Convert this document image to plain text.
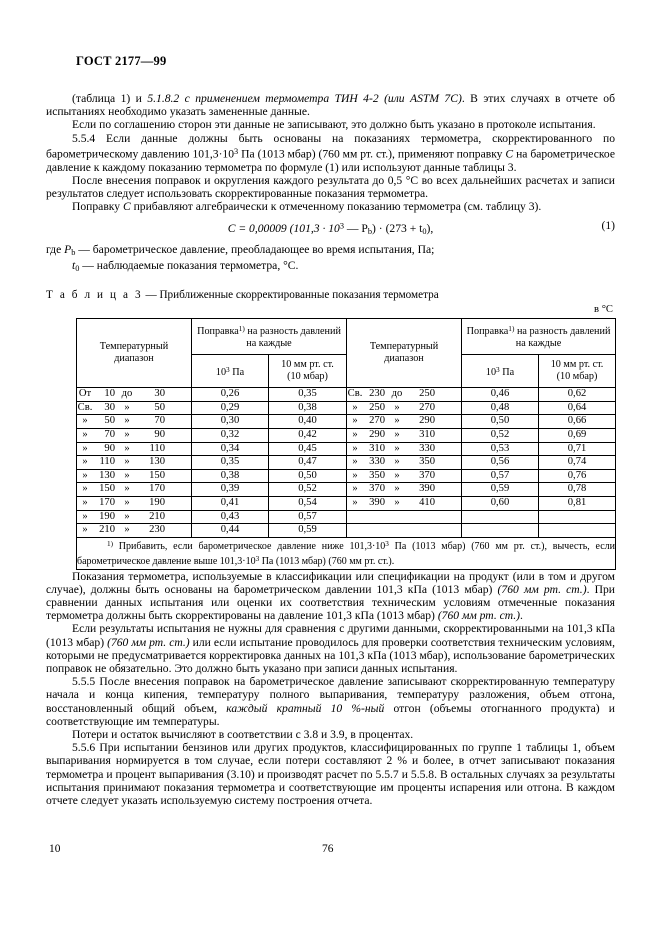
ГОСТ 2177—99

(таблица 1) и 5.1.8.2 с применением термометра ТИН 4-2 (или ASTM 7C). В этих случаях в отчете об испытаниях необходимо указать замененные данные.

Если по соглашению сторон эти данные не записывают, это должно быть указано в протоколе испытания.

5.5.4 Если данные должны быть основаны на показаниях термометра, скорректированного по барометрическому давлению $101,3\cdot 10^3$ Па (1013 мбар) (760 мм рт. ст.), применяют поправку C на барометрическое давление к каждому показанию термометра по формуле (1) или используют данные таблицы 3.

После внесения поправок и округления каждого результата до 0,5 °С во всех дальнейших расчетах и записи результатов следует использовать скорректированные показания термометра.

Поправку C прибавляют алгебраически к отмеченному показанию термометра (см. таблицу 3).

C = 0,00009 ($101,3 \cdot 10^3$ — $P_b) \cdot (273 + t_0)$,	(1)

где $P_b$ — барометрическое давление, преобладающее во время испытания, Па;

$t_0$ — наблюдаемые показания термометра, °С.

Т а б л и ц а 3 — Приближенные скорректированные показания термометра
в °С
Температурный диапазон	Поправка$^{1)}$ на разность давлений на каждые		Температурный диапазон	Поправка$^{1)}$ на разность давлений на каждые	
	$10^3$ Па	10 мм рт. ст.
(10 мбар)		$10^3$ Па	10 мм рт. ст.
(10 мбар)
От 10 до 30	0,26	0,35	Св. 230 до 250	0,46	0,62
Св. 30 » 50	0,29	0,38	» 250 » 270	0,48	0,64
» 50 » 70	0,30	0,40	» 270 » 290	0,50	0,66
» 70 » 90	0,32	0,42	» 290 » 310	0,52	0,69
» 90 » 110	0,34	0,45	» 310 » 330	0,53	0,71
» 110 » 130	0,35	0,47	» 330 » 350	0,56	0,74
» 130 » 150	0,38	0,50	» 350 » 370	0,57	0,76
» 150 » 170	0,39	0,52	» 370 » 390	0,59	0,78
» 170 » 190	0,41	0,54	» 390 » 410	0,60	0,81
» 190 » 210	0,43	0,57			
» 210 » 230	0,44	0,59			

$^{1)}$ Прибавить, если барометрическое давление ниже $101,3\cdot 10^3$ Па (1013 мбар) (760 мм рт. ст.), вычесть, если барометрическое давление выше $101,3\cdot 10^3$ Па (1013 мбар) (760 мм рт. ст.).					

Показания термометра, используемые в классификации или спецификации на продукт (или в том и другом случае), должны быть основаны на барометрическом давлении 101,3 кПа (1013 мбар) (760 мм рт. ст.). При сравнении данных испытания или оценки их соответствия техническим условиям отмеченные показания термометра должны быть скорректированы на давление 101,3 кПа (1013 мбар) (760 мм рт. ст.).

Если результаты испытания не нужны для сравнения с другими данными, скорректированными на 101,3 кПа (1013 мбар) (760 мм рт. ст.) или если испытание проводилось для проверки соответствия техническим условиям, которыми не предусматривается корректировка данных на 101,3 кПа (1013 мбар), использование барометрических поправок не обязательно. Это должно быть указано при записи данных испытания.

5.5.5 После внесения поправок на барометрическое давление записывают скорректированную температуру начала и конца кипения, температуру полного выпаривания, температуру разложения, объем отгона, восстановленный общий объем, каждый кратный 10 %-ный отгон (объемы отогнанного продукта) и соответствующие им температуры.

Потери и остаток вычисляют в соответствии с 3.8 и 3.9, в процентах.

5.5.6 При испытании бензинов или других продуктов, классифицированных по группе 1 таблицы 1, объем выпаривания нормируется в том случае, если потери составляют 2 % и более, в отчет записывают показания термометра и процент выпаривания (3.10) и производят расчет по 5.5.7 и 5.5.8. В остальных случаях за результаты испытания принимают показания термометра и соответствующие им проценты испарения или отгона. В каждом отчете следует указать используемую систему построения отчета.

10	76
